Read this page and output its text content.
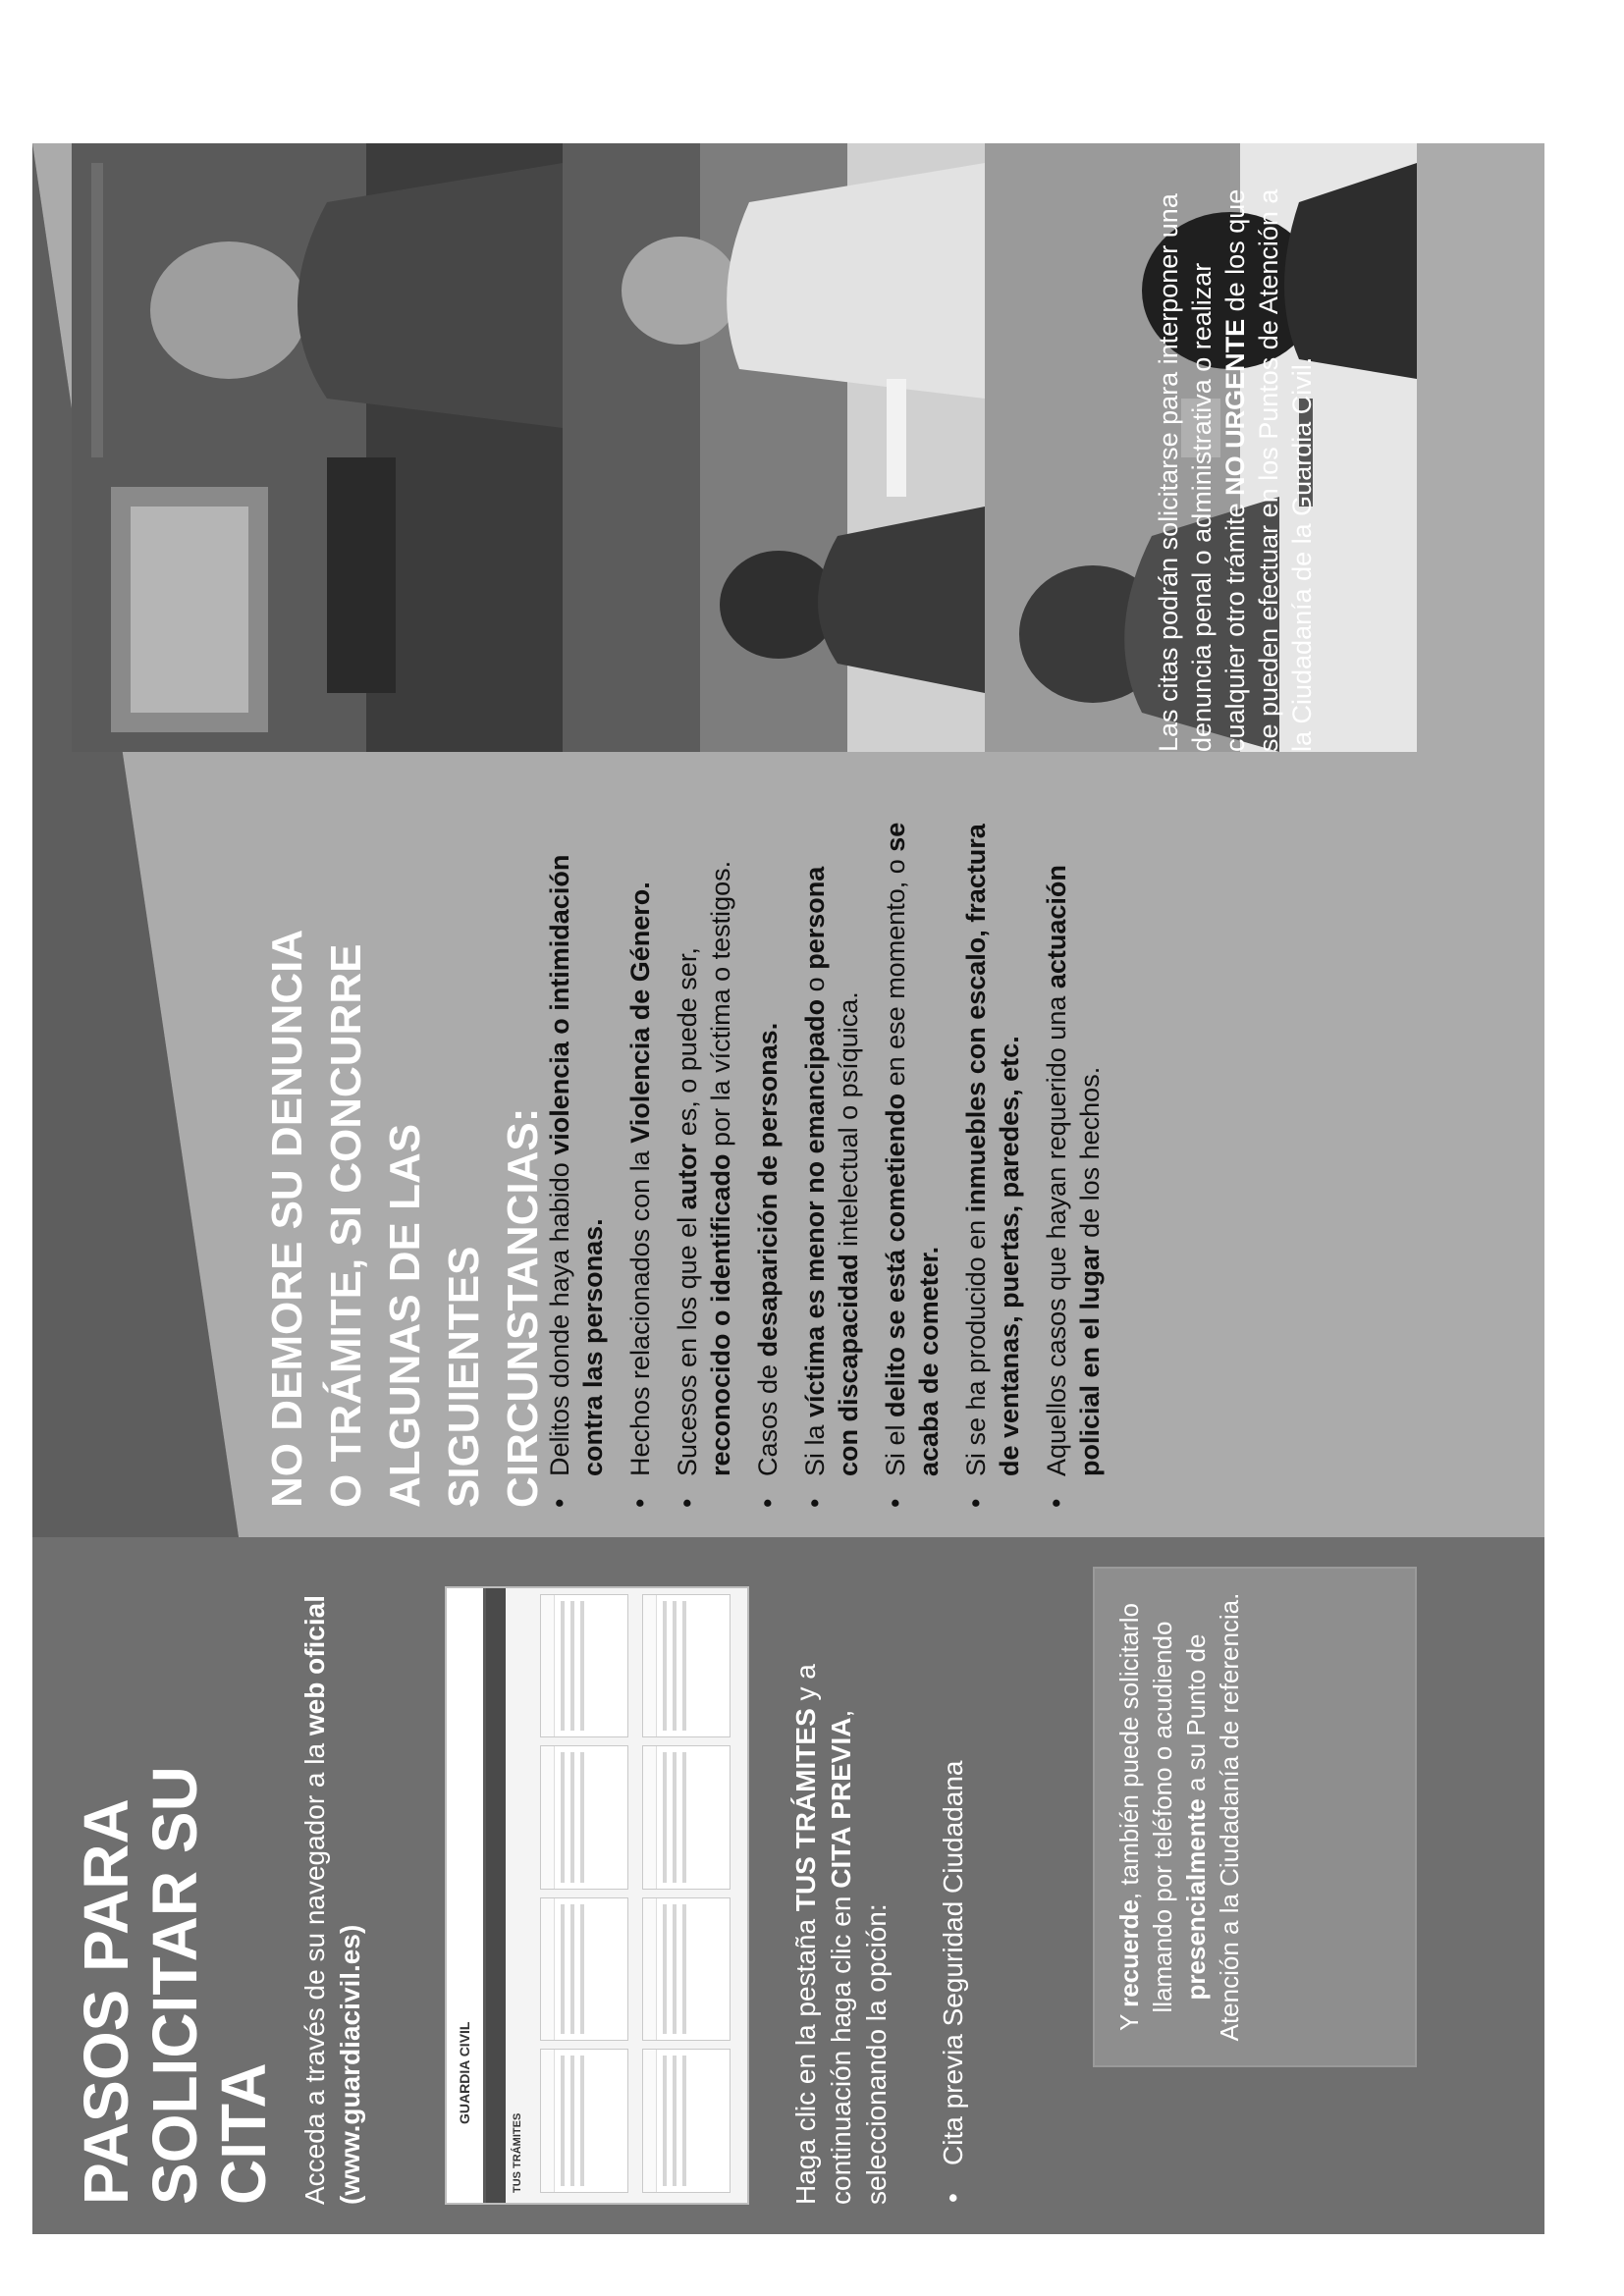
PASOS PARA
SOLICITAR SU
CITA Acceda a través de su navegador a la web oficial
(www.guardiacivil.es)	GUARDIA CIVIL
TUS TRÁMITES	Haga clic en la pestaña TUS TRÁMITES y a continuación haga clic en CITA PREVIA, seleccionando la opción: •
Cita previa Seguridad Ciudadana	Y recuerde, también puede solicitarlo llamando por teléfono o acudiendo presencialmente a su Punto de Atención a la Ciudadanía de referencia.
NO DEMORE SU DENUNCIA
O TRÁMITE, SI CONCURRE
ALGUNAS DE LAS
SIGUIENTES
CIRCUNSTANCIAS:
•
Delitos donde haya habido violencia o intimidación contra las personas.
•
Hechos relacionados con la Violencia de Género.
•
Sucesos en los que el autor es, o puede ser, reconocido o identificado por la víctima o testigos.
•
Casos de desaparición de personas.
•
Si la víctima es menor no emancipado o persona con discapacidad intelectual o psíquica.
•
Si el delito se está cometiendo en ese momento, o se acaba de cometer.
•
Si se ha producido en inmuebles con escalo, fractura de ventanas, puertas, paredes, etc.
•
Aquellos casos que hayan requerido una actuación policial en el lugar de los hechos.
Las citas podrán solicitarse para interponer una denuncia penal o administrativa o realizar cualquier otro trámite NO URGENTE de los que se pueden efectuar en los Puntos de Atención a la Ciudadanía de la Guardia Civil.
